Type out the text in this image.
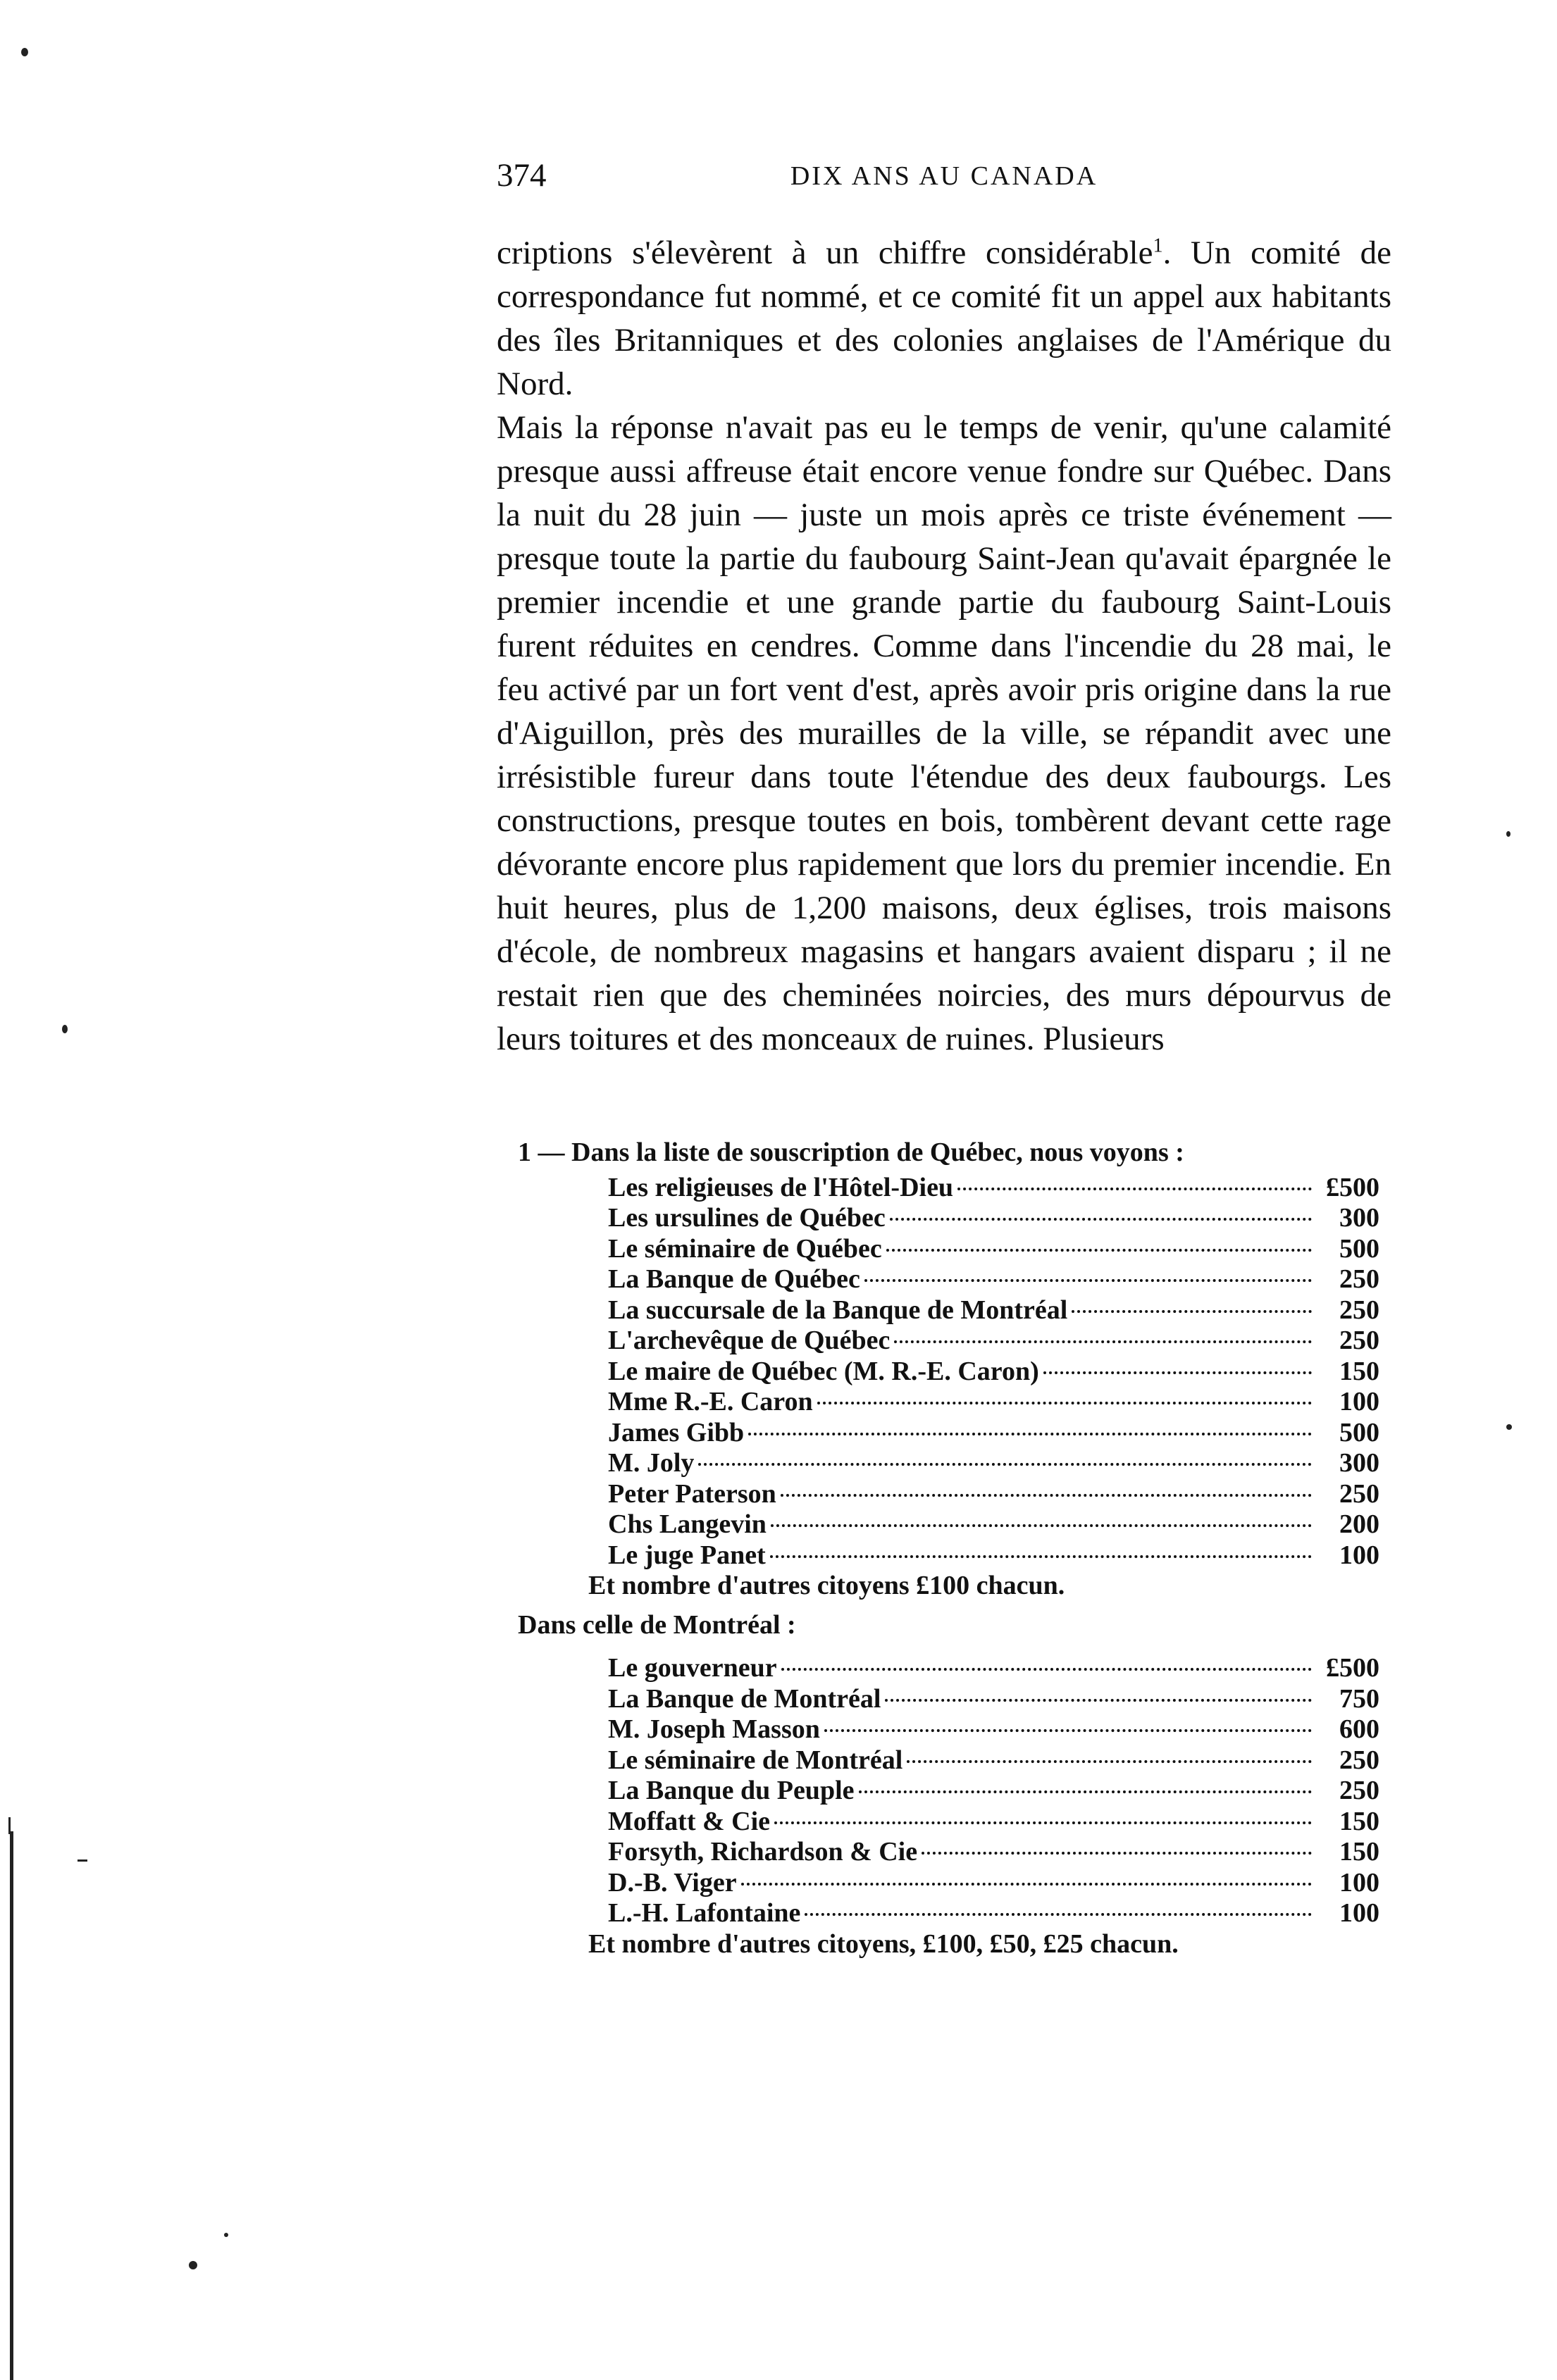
374	DIX ANS AU CANADA

criptions s'élevèrent à un chiffre considérable$^1$. Un comité de correspondance fut nommé, et ce comité fit un appel aux habitants des îles Britanniques et des colonies anglaises de l'Amérique du Nord.

Mais la réponse n'avait pas eu le temps de venir, qu'une calamité presque aussi affreuse était encore venue fondre sur Québec. Dans la nuit du 28 juin — juste un mois après ce triste événement — presque toute la partie du faubourg Saint-Jean qu'avait épargnée le premier incendie et une grande partie du faubourg Saint-Louis furent réduites en cendres. Comme dans l'incendie du 28 mai, le feu activé par un fort vent d'est, après avoir pris origine dans la rue d'Aiguillon, près des murailles de la ville, se répandit avec une irrésistible fureur dans toute l'étendue des deux faubourgs. Les constructions, presque toutes en bois, tombèrent devant cette rage dévorante encore plus rapidement que lors du premier incendie. En huit heures, plus de 1,200 maisons, deux églises, trois maisons d'école, de nombreux magasins et hangars avaient disparu ; il ne restait rien que des cheminées noircies, des murs dépourvus de leurs toitures et des monceaux de ruines. Plusieurs

1 — Dans la liste de souscription de Québec, nous voyons :

Les religieuses de l'Hôtel-Dieu	£500
Les ursulines de Québec	300
Le séminaire de Québec	500
La Banque de Québec	250
La succursale de la Banque de Montréal	250
L'archevêque de Québec	250
Le maire de Québec (M. R.-E. Caron)	150
Mme R.-E. Caron	100
James Gibb	500
M. Joly	300
Peter Paterson	250
Chs Langevin	200
Le juge Panet	100

Et nombre d'autres citoyens £100 chacun.

Dans celle de Montréal :

Le gouverneur	£500
La Banque de Montréal	750
M. Joseph Masson	600
Le séminaire de Montréal	250
La Banque du Peuple	250
Moffatt & Cie	150
Forsyth, Richardson & Cie	150
D.-B. Viger	100
L.-H. Lafontaine	100

Et nombre d'autres citoyens, £100, £50, £25 chacun.
